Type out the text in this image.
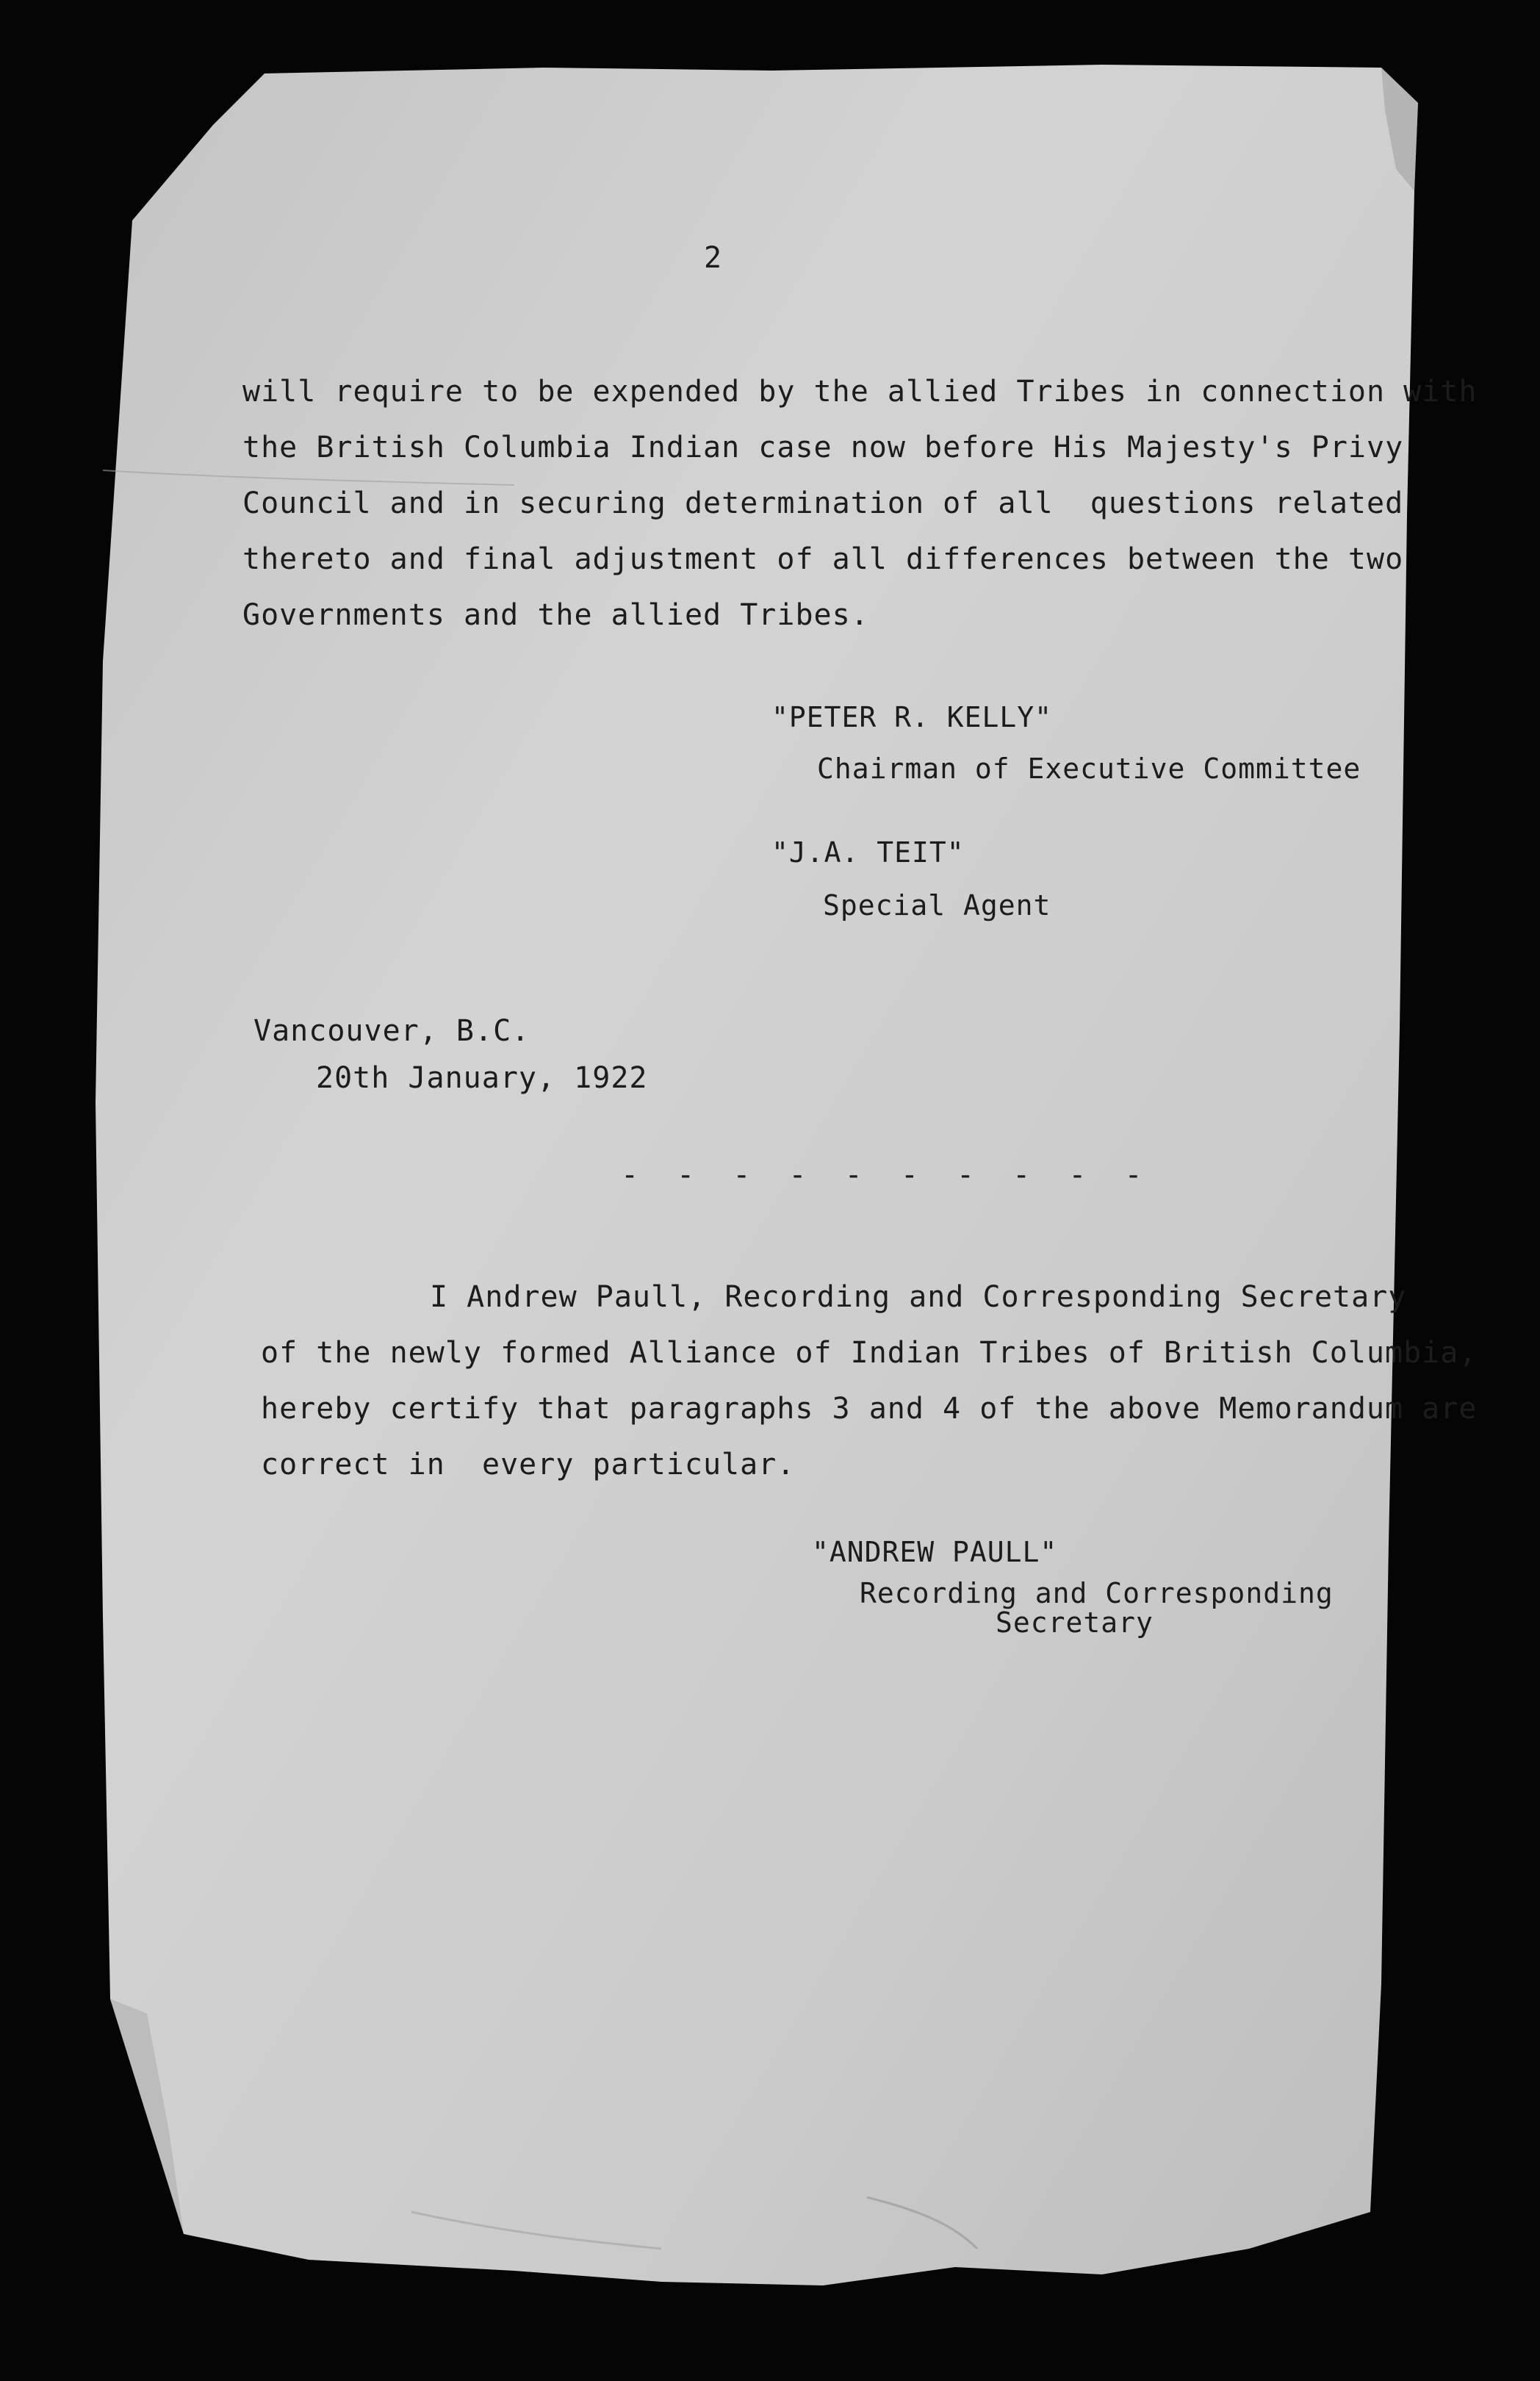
2
will require to be expended by the allied Tribes in connection with
the British Columbia Indian case now before His Majesty's Privy
Council and in securing determination of all  questions related
thereto and final adjustment of all differences between the two
Governments and the allied Tribes.
"PETER R. KELLY"
Chairman of Executive Committee
"J.A. TEIT"
Special Agent
Vancouver, B.C.
20th January, 1922
- - - - - - - - - -
I Andrew Paull, Recording and Corresponding Secretary
of the newly formed Alliance of Indian Tribes of British Columbia,
hereby certify that paragraphs 3 and 4 of the above Memorandum are
correct in  every particular.
"ANDREW PAULL"
Recording and Corresponding
Secretary
